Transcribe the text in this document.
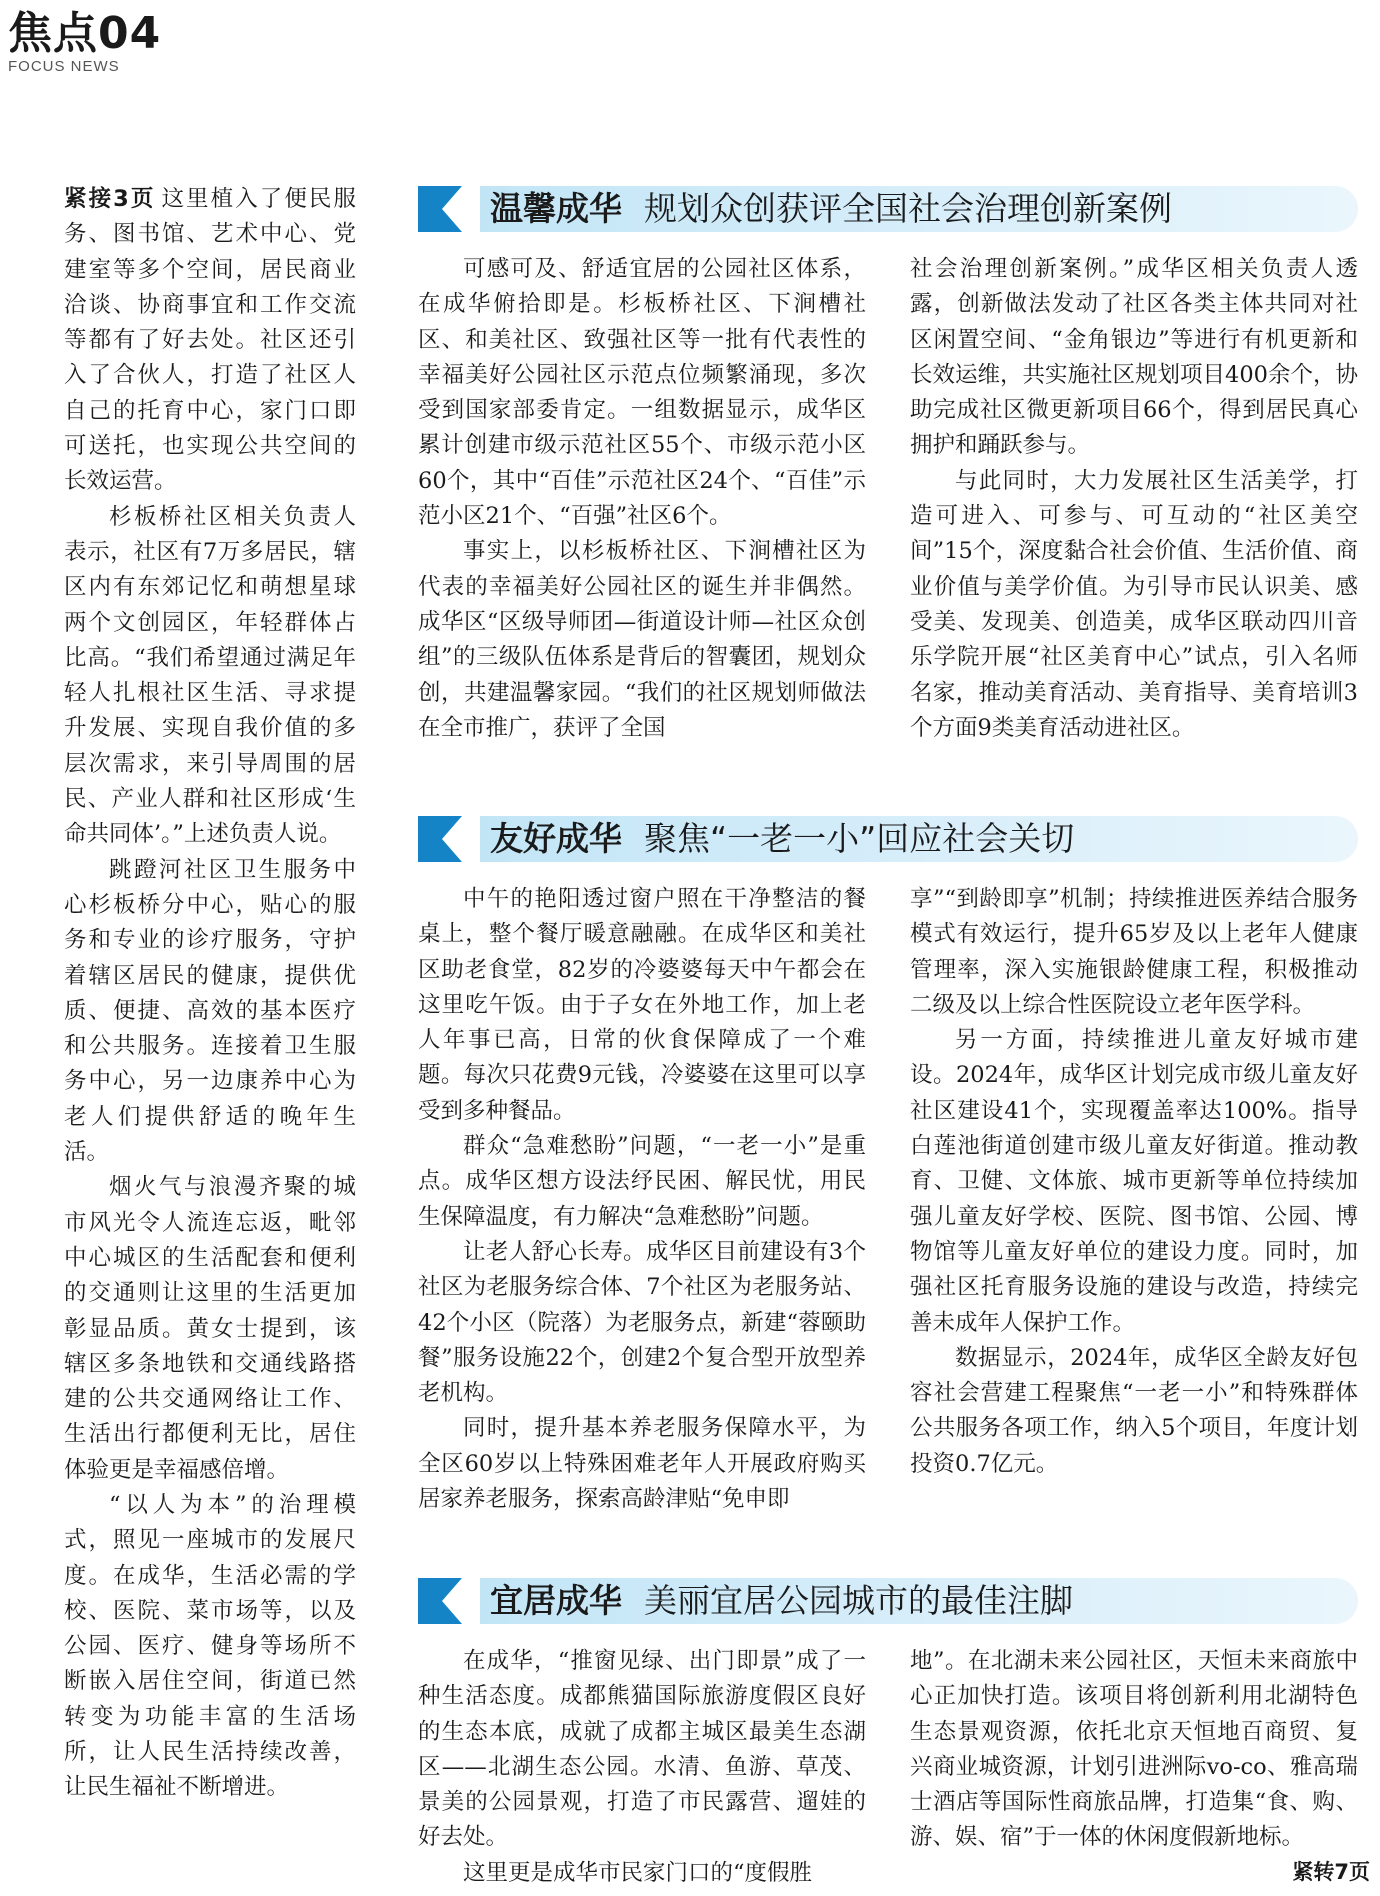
焦点04
FOCUS NEWS

紧接3页 这里植入了便民服务、图书馆、艺术中心、党建室等多个空间，居民商业洽谈、协商事宜和工作交流等都有了好去处。社区还引入了合伙人，打造了社区人自己的托育中心，家门口即可送托，也实现公共空间的长效运营。

杉板桥社区相关负责人表示，社区有7万多居民，辖区内有东郊记忆和萌想星球两个文创园区，年轻群体占比高。“我们希望通过满足年轻人扎根社区生活、寻求提升发展、实现自我价值的多层次需求，来引导周围的居民、产业人群和社区形成‘生命共同体’。”上述负责人说。

跳蹬河社区卫生服务中心杉板桥分中心，贴心的服务和专业的诊疗服务，守护着辖区居民的健康，提供优质、便捷、高效的基本医疗和公共服务。连接着卫生服务中心，另一边康养中心为老人们提供舒适的晚年生活。

烟火气与浪漫齐聚的城市风光令人流连忘返，毗邻中心城区的生活配套和便利的交通则让这里的生活更加彰显品质。黄女士提到，该辖区多条地铁和交通线路搭建的公共交通网络让工作、生活出行都便利无比，居住体验更是幸福感倍增。

“以人为本”的治理模式，照见一座城市的发展尺度。在成华，生活必需的学校、医院、菜市场等，以及公园、医疗、健身等场所不断嵌入居住空间，街道已然转变为功能丰富的生活场所，让人民生活持续改善，让民生福祉不断增进。

温馨成华 规划众创获评全国社会治理创新案例

可感可及、舒适宜居的公园社区体系，在成华俯拾即是。杉板桥社区、下涧槽社区、和美社区、致强社区等一批有代表性的幸福美好公园社区示范点位频繁涌现，多次受到国家部委肯定。一组数据显示，成华区累计创建市级示范社区55个、市级示范小区60个，其中“百佳”示范社区24个、“百佳”示范小区21个、“百强”社区6个。

事实上，以杉板桥社区、下涧槽社区为代表的幸福美好公园社区的诞生并非偶然。成华区“区级导师团—街道设计师—社区众创组”的三级队伍体系是背后的智囊团，规划众创，共建温馨家园。“我们的社区规划师做法在全市推广，获评了全国

社会治理创新案例。”成华区相关负责人透露，创新做法发动了社区各类主体共同对社区闲置空间、“金角银边”等进行有机更新和长效运维，共实施社区规划项目400余个，协助完成社区微更新项目66个，得到居民真心拥护和踊跃参与。

与此同时，大力发展社区生活美学，打造可进入、可参与、可互动的“社区美空间”15个，深度黏合社会价值、生活价值、商业价值与美学价值。为引导市民认识美、感受美、发现美、创造美，成华区联动四川音乐学院开展“社区美育中心”试点，引入名师名家，推动美育活动、美育指导、美育培训3个方面9类美育活动进社区。

友好成华 聚焦“一老一小”回应社会关切

中午的艳阳透过窗户照在干净整洁的餐桌上，整个餐厅暖意融融。在成华区和美社区助老食堂，82岁的冷婆婆每天中午都会在这里吃午饭。由于子女在外地工作，加上老人年事已高，日常的伙食保障成了一个难题。每次只花费9元钱，冷婆婆在这里可以享受到多种餐品。

群众“急难愁盼”问题，“一老一小”是重点。成华区想方设法纾民困、解民忧，用民生保障温度，有力解决“急难愁盼”问题。

让老人舒心长寿。成华区目前建设有3个社区为老服务综合体、7个社区为老服务站、42个小区（院落）为老服务点，新建“蓉颐助餐”服务设施22个，创建2个复合型开放型养老机构。

同时，提升基本养老服务保障水平，为全区60岁以上特殊困难老年人开展政府购买居家养老服务，探索高龄津贴“免申即

享”“到龄即享”机制；持续推进医养结合服务模式有效运行，提升65岁及以上老年人健康管理率，深入实施银龄健康工程，积极推动二级及以上综合性医院设立老年医学科。

另一方面，持续推进儿童友好城市建设。2024年，成华区计划完成市级儿童友好社区建设41个，实现覆盖率达100%。指导白莲池街道创建市级儿童友好街道。推动教育、卫健、文体旅、城市更新等单位持续加强儿童友好学校、医院、图书馆、公园、博物馆等儿童友好单位的建设力度。同时，加强社区托育服务设施的建设与改造，持续完善未成年人保护工作。

数据显示，2024年，成华区全龄友好包容社会营建工程聚焦“一老一小”和特殊群体公共服务各项工作，纳入5个项目，年度计划投资0.7亿元。

宜居成华 美丽宜居公园城市的最佳注脚

在成华，“推窗见绿、出门即景”成了一种生活态度。成都熊猫国际旅游度假区良好的生态本底，成就了成都主城区最美生态湖区——北湖生态公园。水清、鱼游、草茂、景美的公园景观，打造了市民露营、遛娃的好去处。

这里更是成华市民家门口的“度假胜

地”。在北湖未来公园社区，天恒未来商旅中心正加快打造。该项目将创新利用北湖特色生态景观资源，依托北京天恒地百商贸、复兴商业城资源，计划引进洲际vo-co、雅高瑞士酒店等国际性商旅品牌，打造集“食、购、游、娱、宿”于一体的休闲度假新地标。

紧转7页
